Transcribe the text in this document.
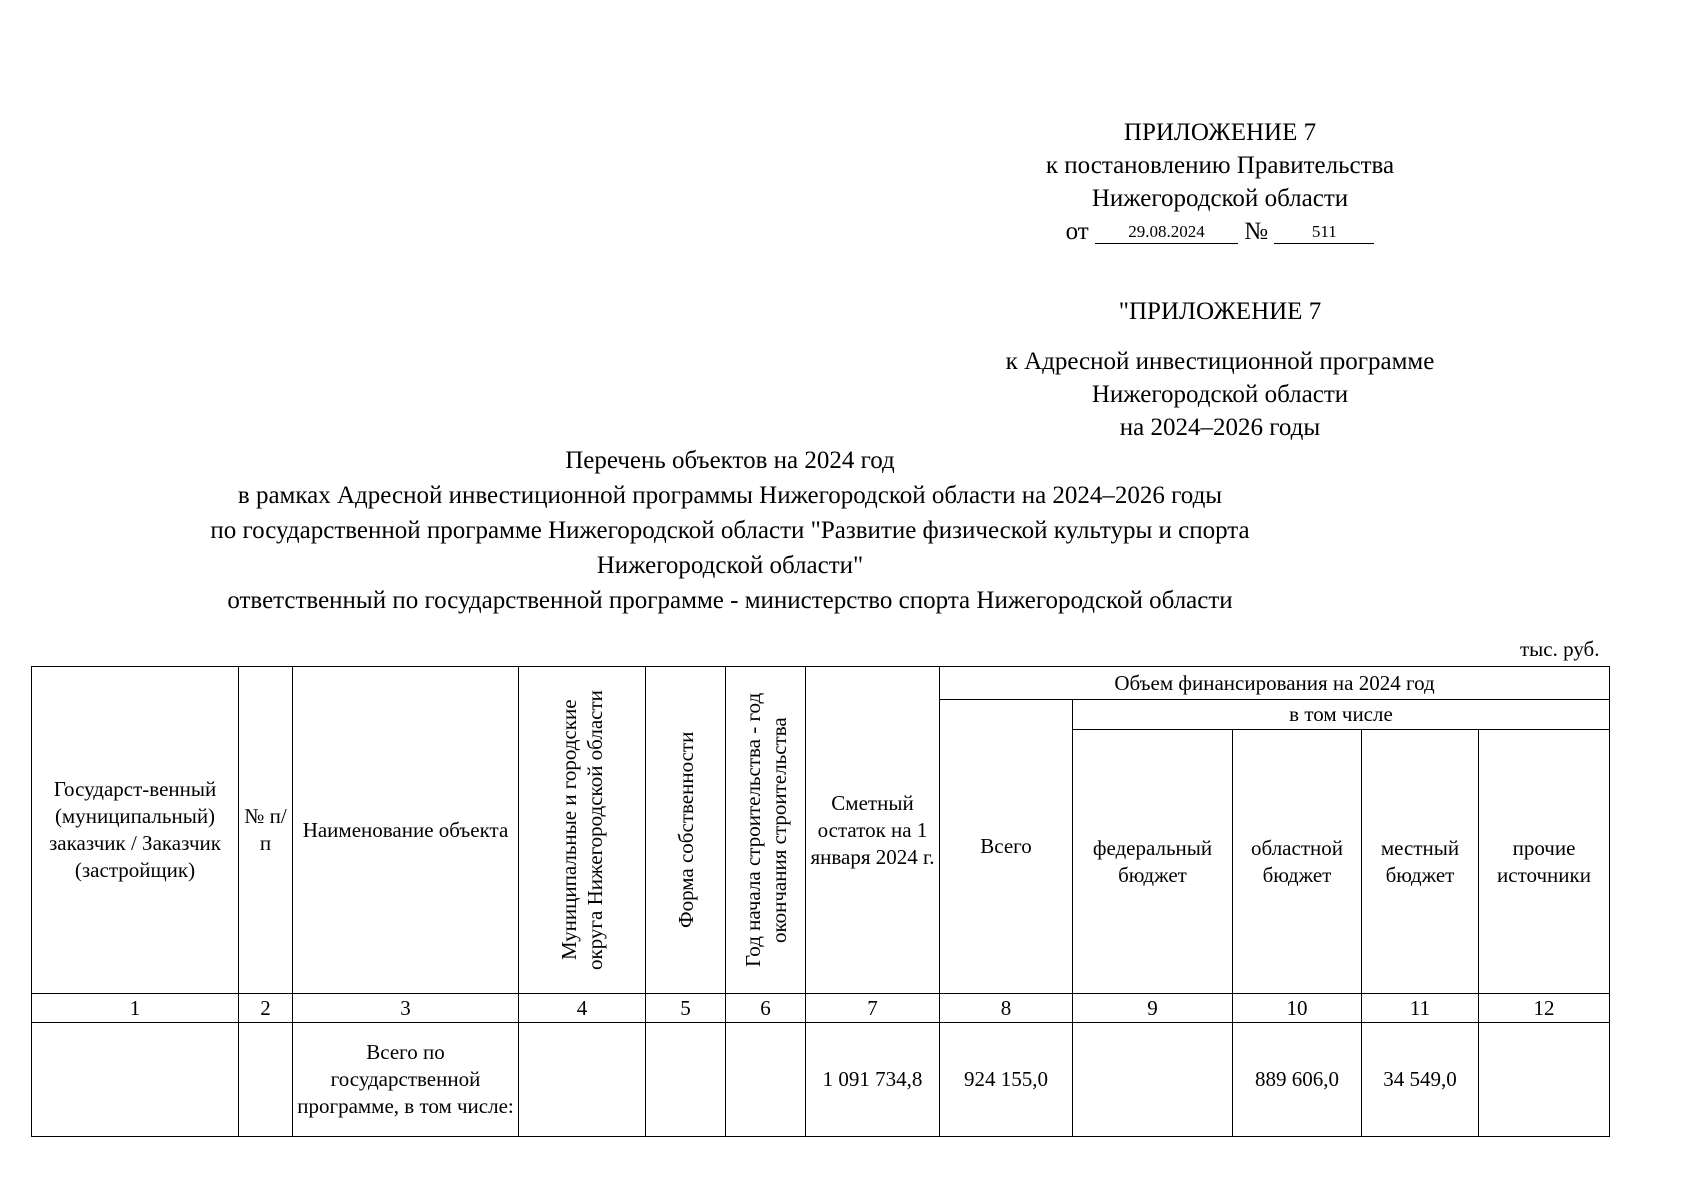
ПРИЛОЖЕНИЕ 7
к постановлению Правительства
Нижегородской области
от 29.08.2024 №	511
"ПРИЛОЖЕНИЕ 7
к Адресной инвестиционной программе
Нижегородской области
на 2024–2026 годы
Перечень объектов на 2024 год
в рамках Адресной инвестиционной программы Нижегородской области на 2024–2026 годы
по государственной программе Нижегородской области "Развитие физической культуры и спорта
Нижегородской области"
ответственный по государственной программе - министерство спорта Нижегородской области
тыс. руб.
Государст-венный (муниципальный) заказчик / Заказчик (застройщик)	№ п/п	Наименование объекта	Муниципальные и городские округа Нижегородской области	Форма собственности	Год начала строительства - год окончания строительства	Сметный остаток на 1 января 2024 г.	Объем финансирования на 2024 год				
							Всего	в том числе			
								федеральный бюджет	областной бюджет	местный бюджет	прочие источники
1	2	3	4	5	6	7	8	9	10	11	12
		Всего по государственной программе, в том числе:				1 091 734,8	924 155,0		889 606,0	34 549,0	
